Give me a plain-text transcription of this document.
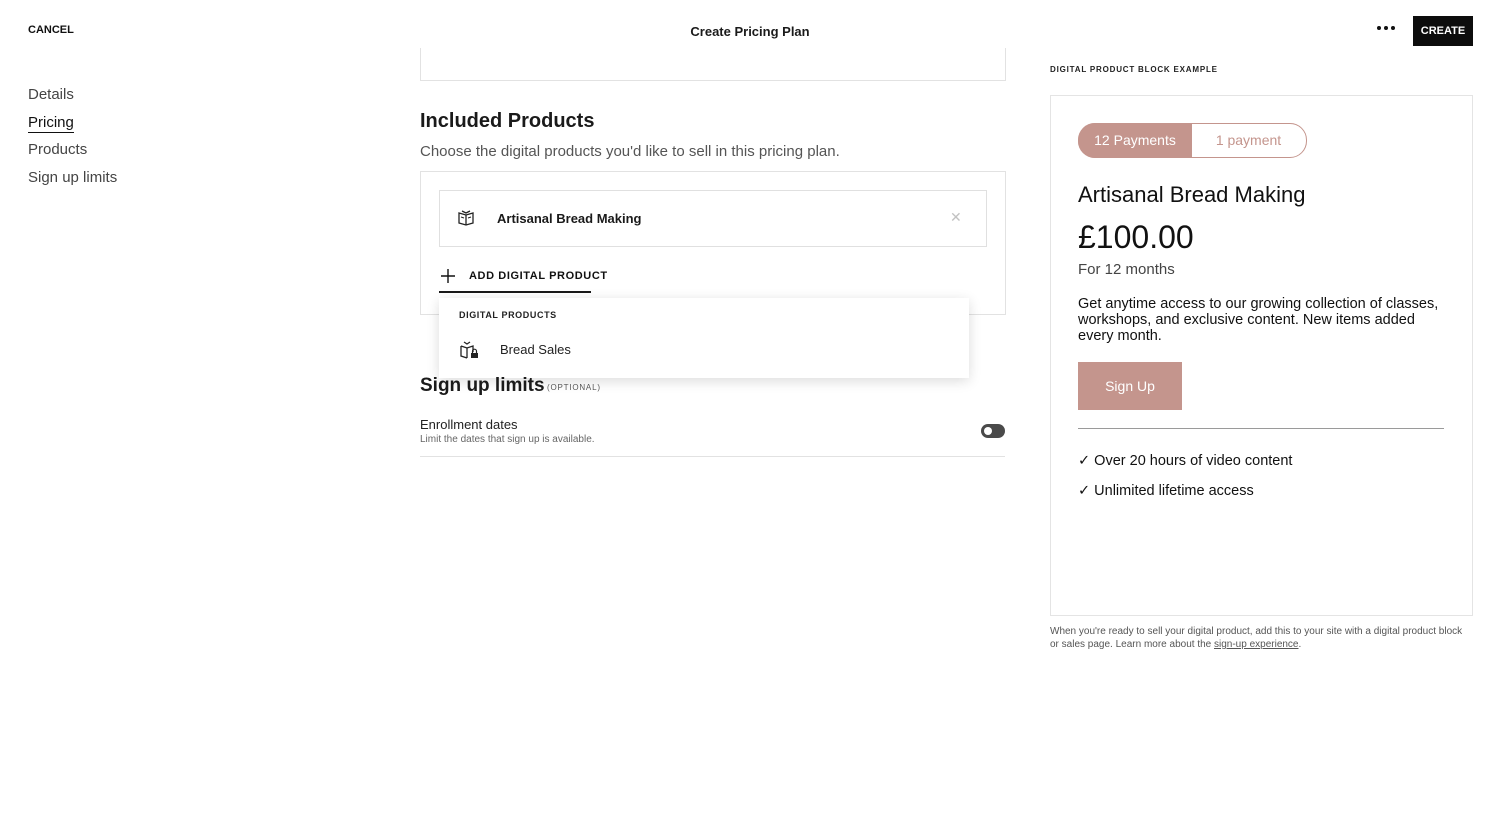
CANCEL	Create Pricing Plan	CREATE
Details
Pricing
Products
Sign up limits
Included Products
Choose the digital products you'd like to sell in this pricing plan.
Artisanal Bread Making	✕
ADD DIGITAL PRODUCT
DIGITAL PRODUCTS
Bread Sales
Sign up limits (OPTIONAL)
Enrollment dates
Limit the dates that sign up is available.
DIGITAL PRODUCT BLOCK EXAMPLE
12 Payments	1 payment
Artisanal Bread Making
£100.00
For 12 months
Get anytime access to our growing collection of classes, workshops, and exclusive content. New items added every month.
Sign Up
✓ Over 20 hours of video content
✓ Unlimited lifetime access
When you're ready to sell your digital product, add this to your site with a digital product block or sales page. Learn more about the sign-up experience.
